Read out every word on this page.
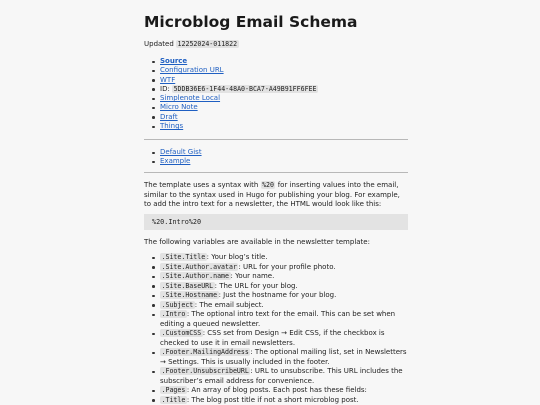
Microblog Email Schema
Updated 12252024-011822
Source
Configuration URL
WTF
ID: 5DDB36E6-1F44-48A0-BCA7-A49B91FF6FEE
Simplenote Local
Micro Note
Draft
Things
Default Gist
Example

The template uses a syntax with %20 for inserting values into the email, similar to the syntax used in Hugo for publishing your blog. For example, to add the intro text for a newsletter, the HTML would look like this:

%20.Intro%20
The following variables are available in the newsletter template:
.Site.Title : Your blog’s title.
.Site.Author.avatar : URL for your profile photo.
.Site.Author.name : Your name.
.Site.BaseURL : The URL for your blog.
.Site.Hostname : Just the hostname for your blog.
.Subject : The email subject.
.Intro : The optional intro text for the email. This can be set when editing a queued newsletter.
.CustomCSS : CSS set from Design → Edit CSS, if the checkbox is checked to use it in email newsletters.
.Footer.MailingAddress : The optional mailing list, set in Newsletters → Settings. This is usually included in the footer.
.Footer.UnsubscribeURL : URL to unsubscribe. This URL includes the subscriber’s email address for convenience.
.Pages : An array of blog posts. Each post has these fields:
.Title : The blog post title if not a short microblog post.
